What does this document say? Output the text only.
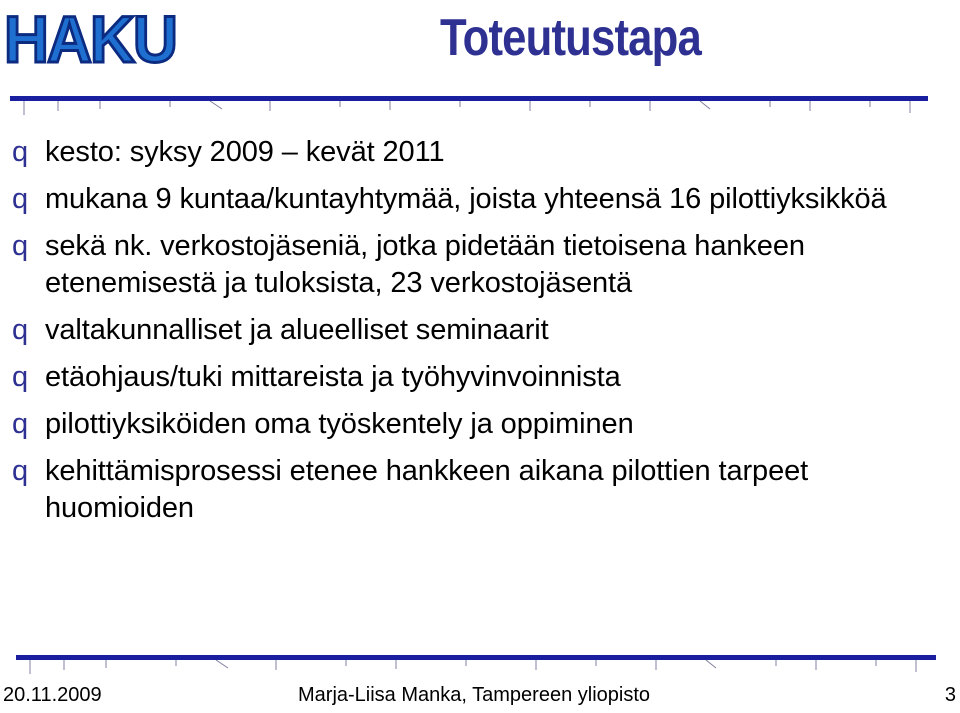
HAKU	Toteutustapa
q kesto: syksy 2009 – kevät 2011
q mukana 9 kuntaa/kuntayhtymää, joista yhteensä 16 pilottiyksikköä
q sekä nk. verkostojäseniä, jotka pidetään tietoisena hankeen etenemisestä ja tuloksista, 23 verkostojäsentä
q valtakunnalliset ja alueelliset seminaarit
q etäohjaus/tuki mittareista ja työhyvinvoinnista
q pilottiyksiköiden oma työskentely ja oppiminen
q kehittämisprosessi etenee hankkeen aikana pilottien tarpeet huomioiden
20.11.2009	Marja-Liisa Manka, Tampereen yliopisto	3
